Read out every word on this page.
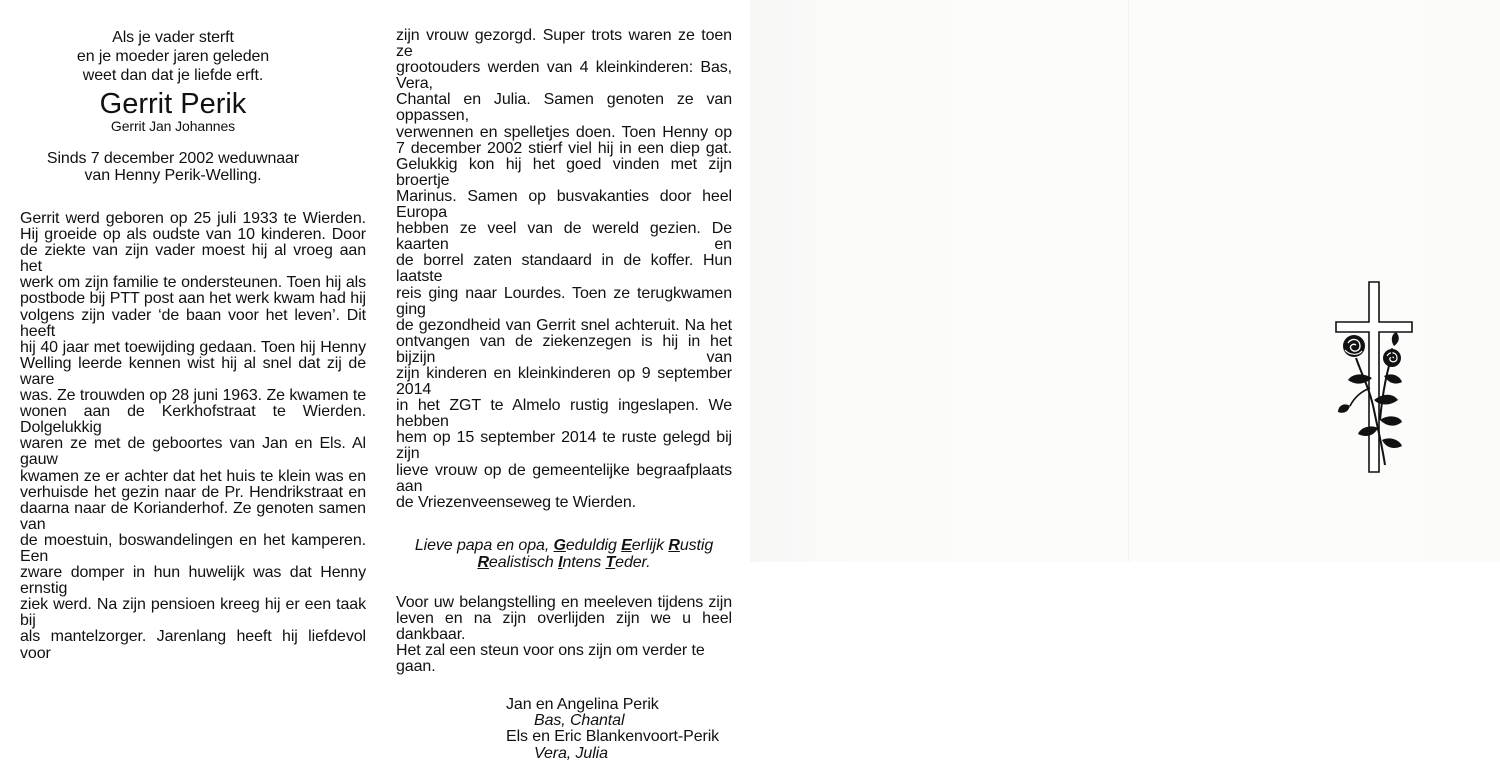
Als je vader sterft
en je moeder jaren geleden
weet dan dat je liefde erft.
Gerrit Perik
Gerrit Jan Johannes
Sinds 7 december 2002 weduwnaar
van Henny Perik-Welling.
Gerrit werd geboren op 25 juli 1933 te Wierden.
Hij groeide op als oudste van 10 kinderen. Door
de ziekte van zijn vader moest hij al vroeg aan het
werk om zijn familie te ondersteunen. Toen hij als
postbode bij PTT post aan het werk kwam had hij
volgens zijn vader ‘de baan voor het leven’. Dit heeft
hij 40 jaar met toewijding gedaan. Toen hij Henny
Welling leerde kennen wist hij al snel dat zij de ware
was. Ze trouwden op 28 juni 1963. Ze kwamen te
wonen aan de Kerkhofstraat te Wierden. Dolgelukkig
waren ze met de geboortes van Jan en Els. Al gauw
kwamen ze er achter dat het huis te klein was en
verhuisde het gezin naar de Pr. Hendrikstraat en
daarna naar de Korianderhof. Ze genoten samen van
de moestuin, boswandelingen en het kamperen. Een
zware domper in hun huwelijk was dat Henny ernstig
ziek werd. Na zijn pensioen kreeg hij er een taak bij
als mantelzorger. Jarenlang heeft hij liefdevol voor
zijn vrouw gezorgd. Super trots waren ze toen ze
grootouders werden van 4 kleinkinderen: Bas, Vera,
Chantal en Julia. Samen genoten ze van oppassen,
verwennen en spelletjes doen. Toen Henny op
7 december 2002 stierf viel hij in een diep gat.
Gelukkig kon hij het goed vinden met zijn broertje
Marinus. Samen op busvakanties door heel Europa
hebben ze veel van de wereld gezien. De kaarten en
de borrel zaten standaard in de koffer. Hun laatste
reis ging naar Lourdes. Toen ze terugkwamen ging
de gezondheid van Gerrit snel achteruit. Na het
ontvangen van de ziekenzegen is hij in het bijzijn van
zijn kinderen en kleinkinderen op 9 september 2014
in het ZGT te Almelo rustig ingeslapen. We hebben
hem op 15 september 2014 te ruste gelegd bij zijn
lieve vrouw op de gemeentelijke begraafplaats aan
de Vriezenveenseweg te Wierden.
Lieve papa en opa, Geduldig Eerlijk Rustig
Realistisch Intens Teder.
Voor uw belangstelling en meeleven tijdens zijn
leven en na zijn overlijden zijn we u heel dankbaar.
Het zal een steun voor ons zijn om verder te gaan.
Jan en Angelina Perik
Bas, Chantal
Els en Eric Blankenvoort-Perik
Vera, Julia
